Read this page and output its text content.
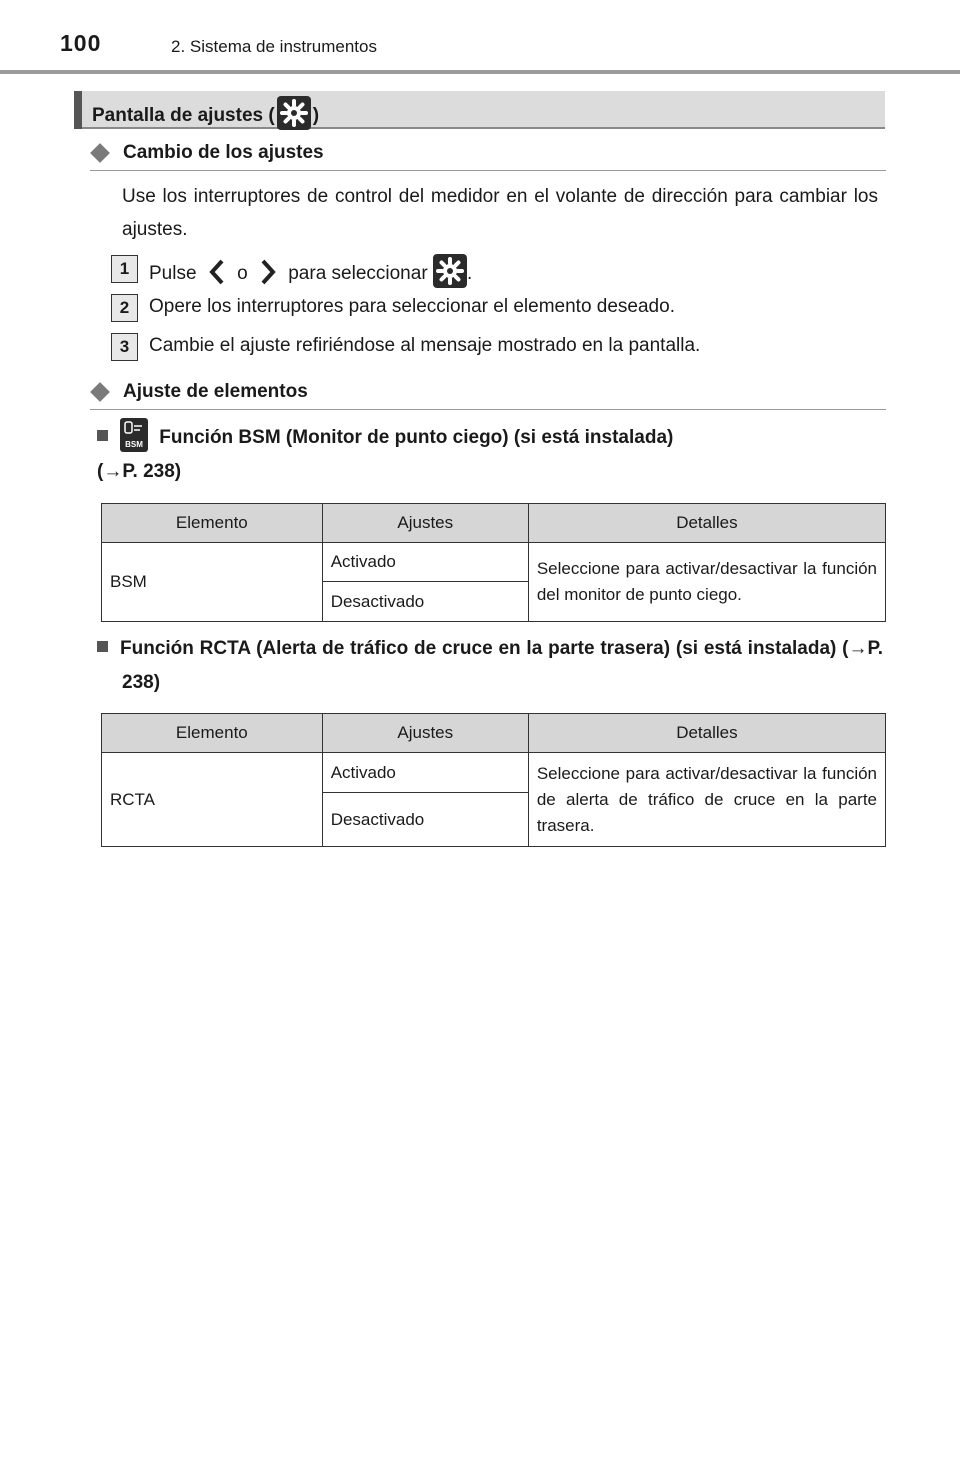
100	2. Sistema de instrumentos
Pantalla de ajustes ( )
Cambio de los ajustes
Use los interruptores de control del medidor en el volante de dirección para cambiar los ajustes.
1	Pulse o para seleccionar .
2	Opere los interruptores para seleccionar el elemento deseado.
3	Cambie el ajuste refiriéndose al mensaje mostrado en la pantalla.
Ajuste de elementos
BSM Función BSM (Monitor de punto ciego) (si está instalada)
(→P. 238)
Elemento	Ajustes	Detalles
BSM	Activado	Seleccione para activar/desactivar la función del monitor de punto ciego.
	Desactivado	
Función RCTA (Alerta de tráfico de cruce en la parte trasera) (si está instalada) (→P. 238)
Elemento	Ajustes	Detalles
RCTA	Activado	Seleccione para activar/desactivar la función de alerta de tráfico de cruce en la parte trasera.
	Desactivado	
